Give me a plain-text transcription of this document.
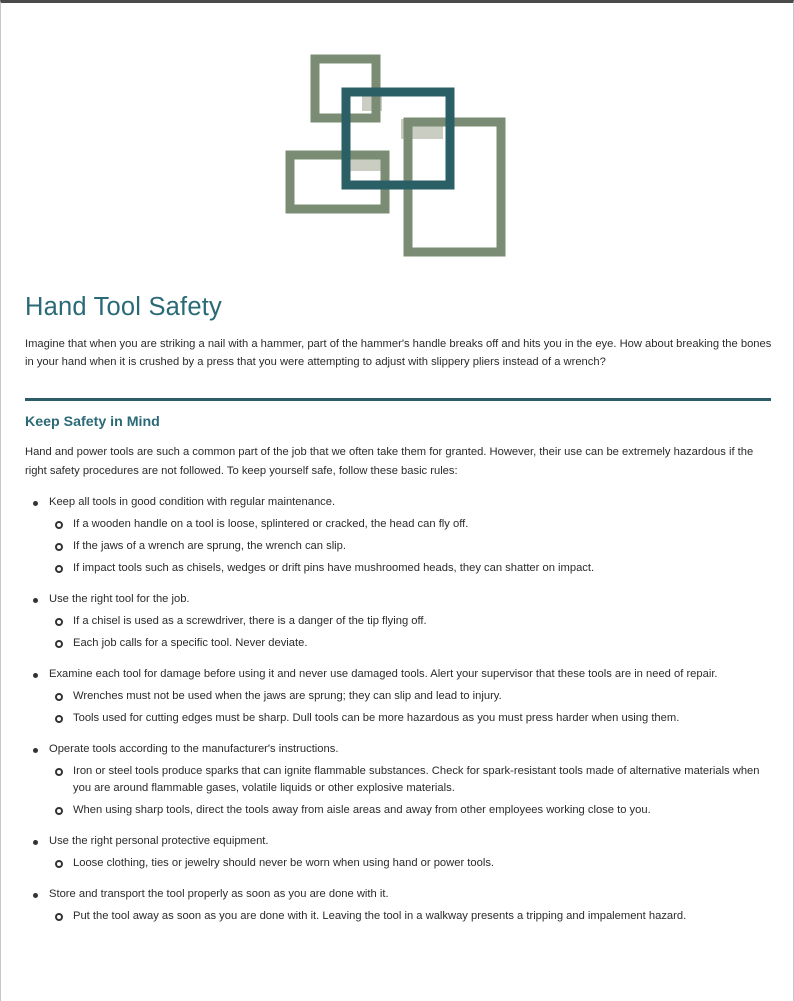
Hand Tool Safety

Imagine that when you are striking a nail with a hammer, part of the hammer's handle breaks off and hits you in the eye. How about breaking the bones in your hand when it is crushed by a press that you were attempting to adjust with slippery pliers instead of a wrench?

Keep Safety in Mind

Hand and power tools are such a common part of the job that we often take them for granted. However, their use can be extremely hazardous if the right safety procedures are not followed. To keep yourself safe, follow these basic rules:

Keep all tools in good condition with regular maintenance.
If a wooden handle on a tool is loose, splintered or cracked, the head can fly off.
If the jaws of a wrench are sprung, the wrench can slip.
If impact tools such as chisels, wedges or drift pins have mushroomed heads, they can shatter on impact.
Use the right tool for the job.
If a chisel is used as a screwdriver, there is a danger of the tip flying off.
Each job calls for a specific tool. Never deviate.
Examine each tool for damage before using it and never use damaged tools. Alert your supervisor that these tools are in need of repair.
Wrenches must not be used when the jaws are sprung; they can slip and lead to injury.
Tools used for cutting edges must be sharp. Dull tools can be more hazardous as you must press harder when using them.
Operate tools according to the manufacturer's instructions.
Iron or steel tools produce sparks that can ignite flammable substances. Check for spark-resistant tools made of alternative materials when you are around flammable gases, volatile liquids or other explosive materials.
When using sharp tools, direct the tools away from aisle areas and away from other employees working close to you.
Use the right personal protective equipment.
Loose clothing, ties or jewelry should never be worn when using hand or power tools.
Store and transport the tool properly as soon as you are done with it.
Put the tool away as soon as you are done with it. Leaving the tool in a walkway presents a tripping and impalement hazard.
